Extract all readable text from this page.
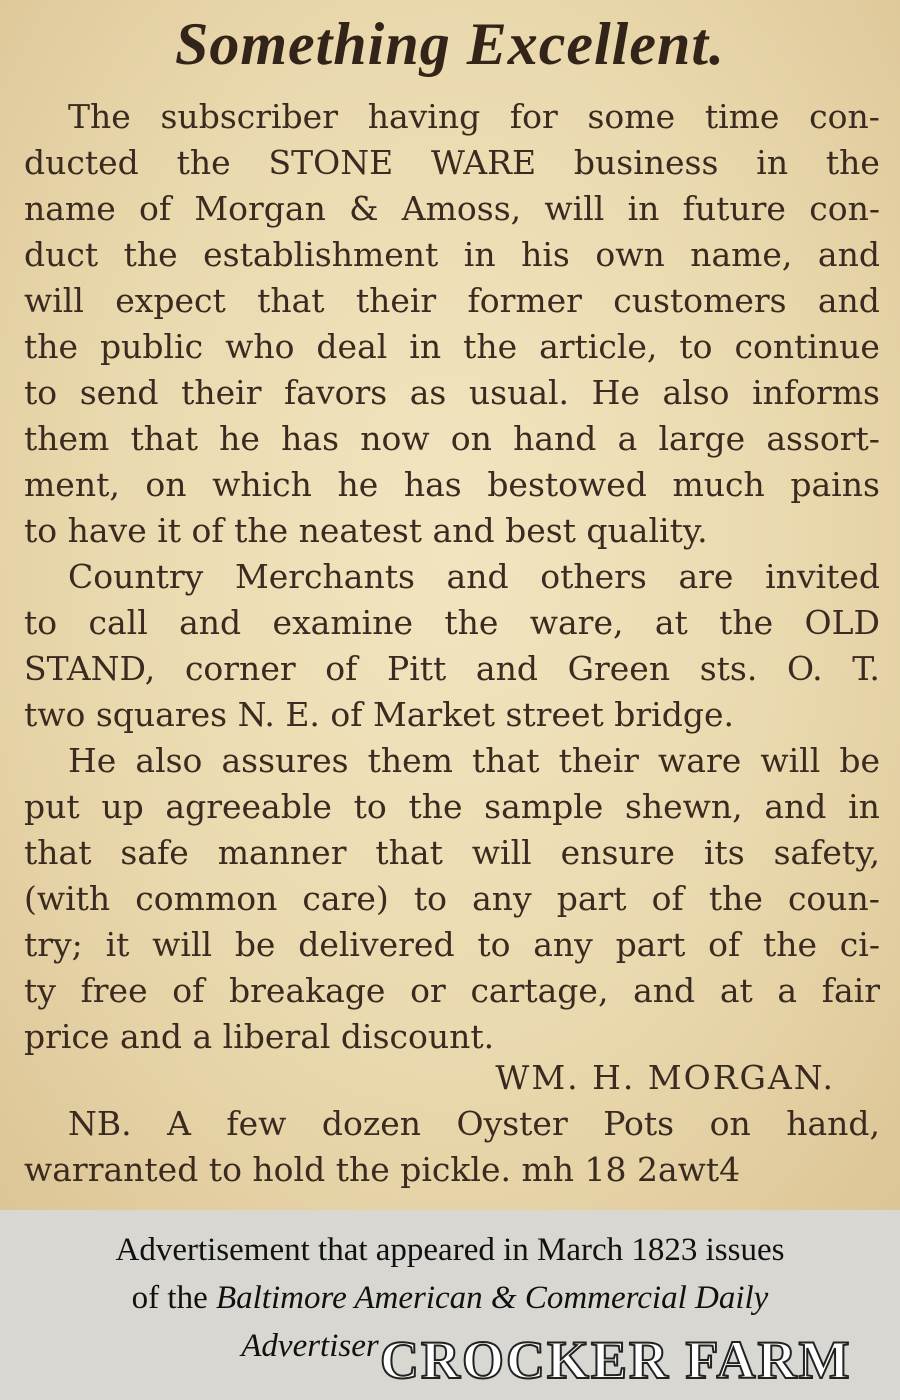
Something Excellent.
The subscriber having for some time con-
ducted the STONE WARE business in the
name of Morgan & Amoss, will in future con-
duct the establishment in his own name, and
will expect that their former customers and
the public who deal in the article, to continue
to send their favors as usual. He also informs
them that he has now on hand a large assort-
ment, on which he has bestowed much pains
to have it of the neatest and best quality.
Country Merchants and others are invited
to call and examine the ware, at the OLD
STAND, corner of Pitt and Green sts. O. T.
two squares N. E. of Market street bridge.
He also assures them that their ware will be
put up agreeable to the sample shewn, and in
that safe manner that will ensure its safety,
(with common care) to any part of the coun-
try; it will be delivered to any part of the ci-
ty free of breakage or cartage, and at a fair
price and a liberal discount.
WM. H. MORGAN.
NB. A few dozen Oyster Pots on hand,
warranted to hold the pickle. mh 18 2awt4
Advertisement that appeared in March 1823 issues
of the Baltimore American & Commercial Daily
Advertiser CROCKER FARM
